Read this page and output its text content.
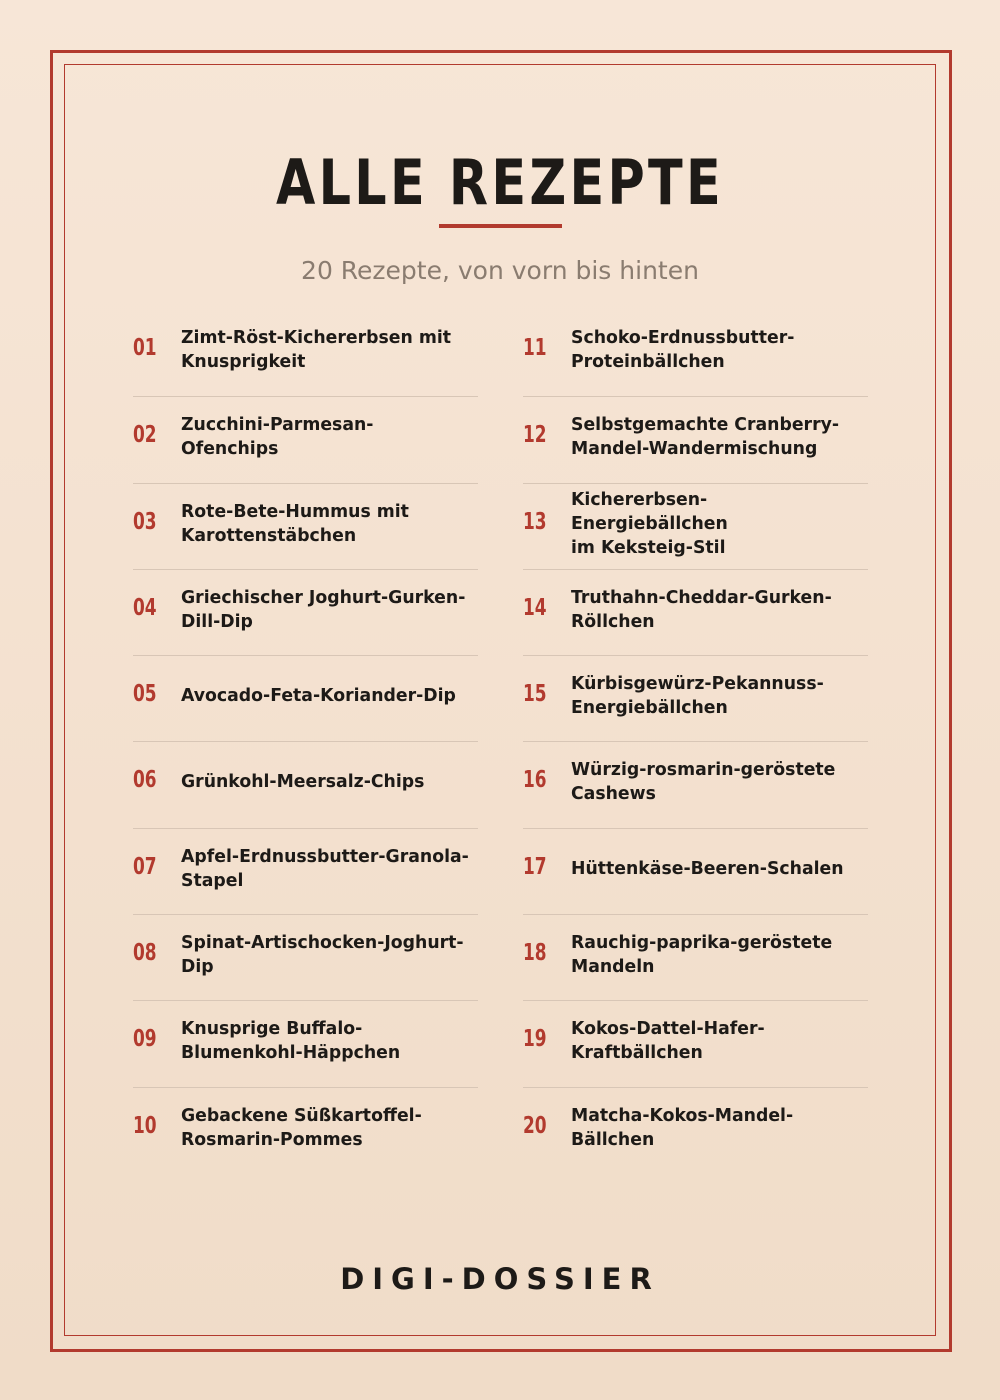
ALLE REZEPTE
20 Rezepte, von vorn bis hinten
01 Zimt-Röst-Kichererbsen mit
Knusprigkeit
02 Zucchini-Parmesan-
Ofenchips
03 Rote-Bete-Hummus mit
Karottenstäbchen
04 Griechischer Joghurt-Gurken-
Dill-Dip
05 Avocado-Feta-Koriander-Dip
06 Grünkohl-Meersalz-Chips
07 Apfel-Erdnussbutter-Granola-
Stapel
08 Spinat-Artischocken-Joghurt-
Dip
09 Knusprige Buffalo-
Blumenkohl-Häppchen
10 Gebackene Süßkartoffel-
Rosmarin-Pommes
11 Schoko-Erdnussbutter-
Proteinbällchen
12 Selbstgemachte Cranberry-
Mandel-Wandermischung
13
Kichererbsen-Energiebällchen
im Keksteig-Stil
14 Truthahn-Cheddar-Gurken-
Röllchen
15 Kürbisgewürz-Pekannuss-
Energiebällchen
16 Würzig-rosmarin-geröstete
Cashews
17 Hüttenkäse-Beeren-Schalen
18 Rauchig-paprika-geröstete
Mandeln
19 Kokos-Dattel-Hafer-
Kraftbällchen
20 Matcha-Kokos-Mandel-
Bällchen
DIGI-DOSSIER
